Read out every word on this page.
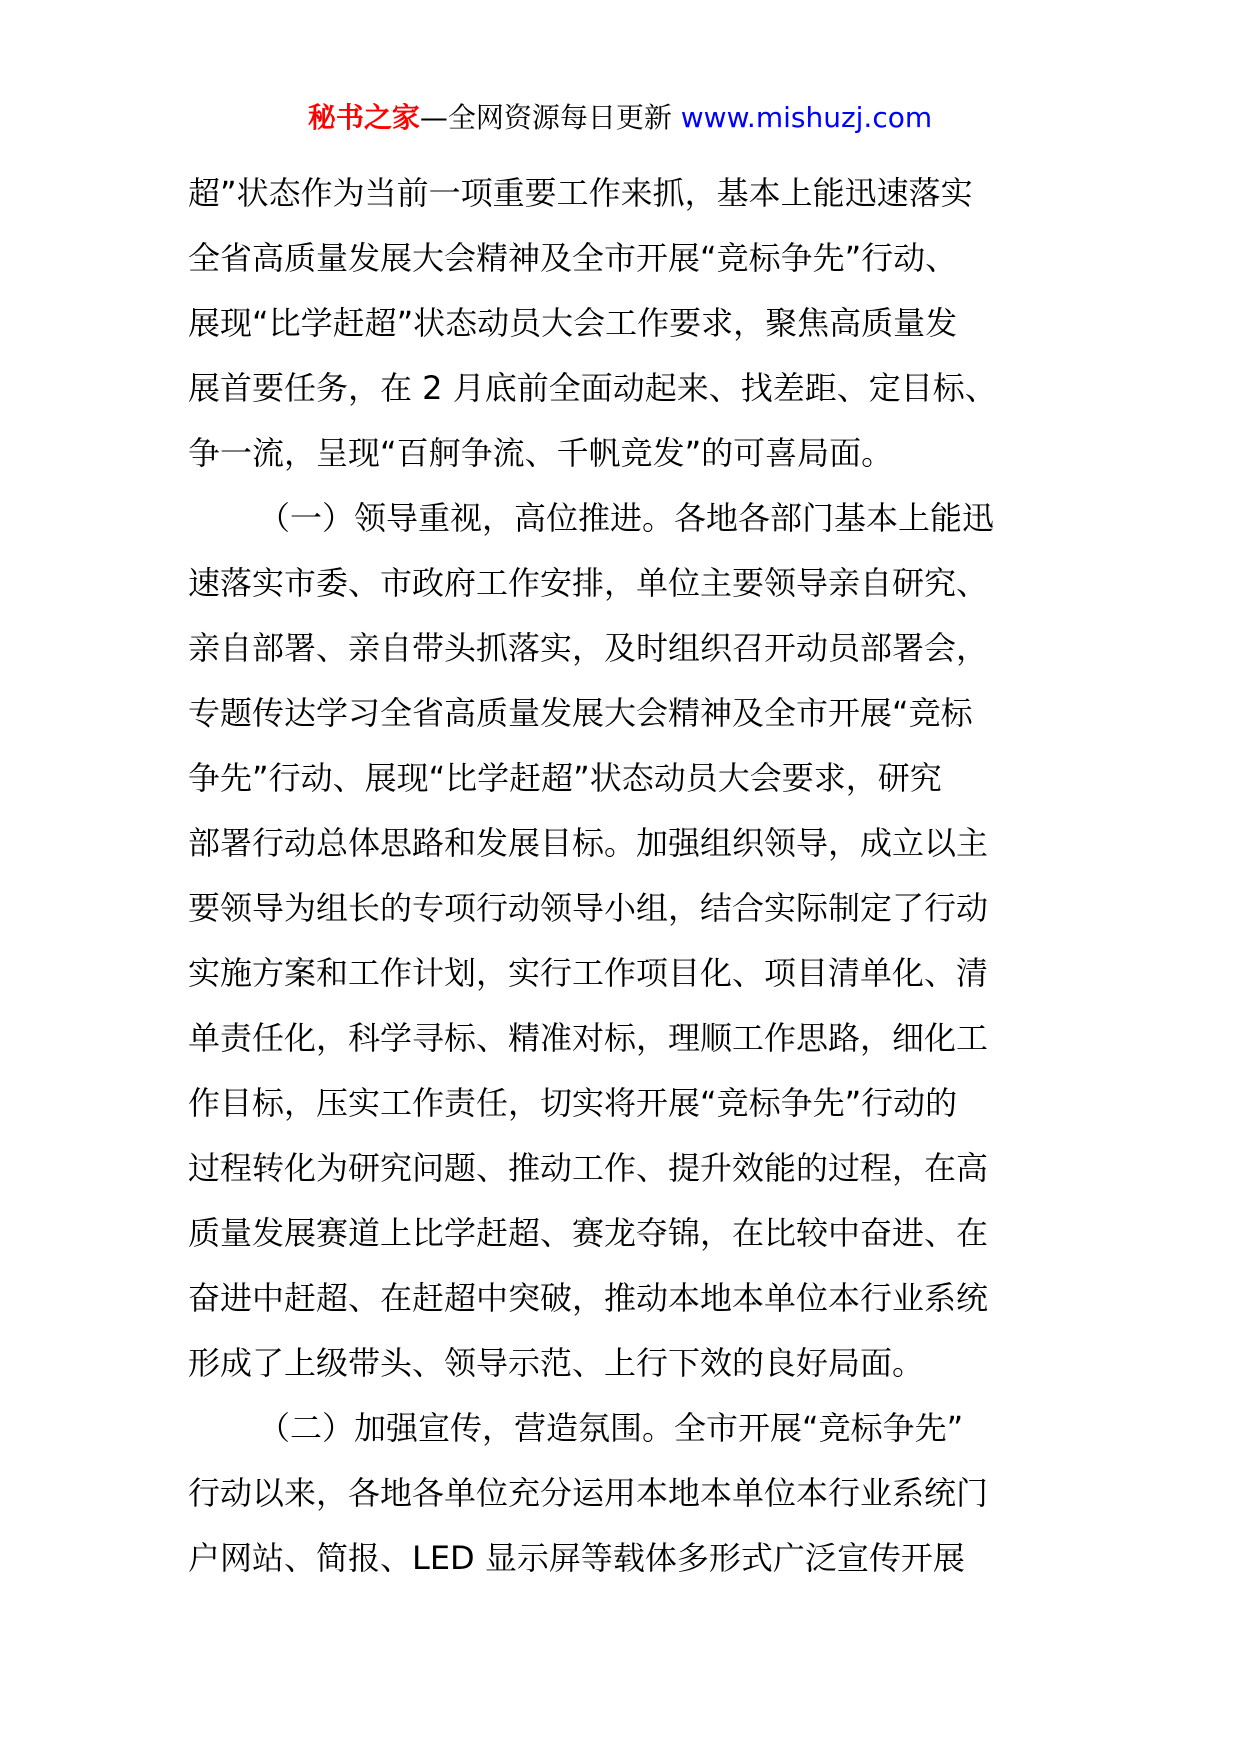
秘书之家—全网资源每日更新 www.mishuzj.com
超”状态作为当前一项重要工作来抓，基本上能迅速落实
全省高质量发展大会精神及全市开展“竞标争先”行动、
展现“比学赶超”状态动员大会工作要求，聚焦高质量发
展首要任务，在 2 月底前全面动起来、找差距、定目标、
争一流，呈现“百舸争流、千帆竞发”的可喜局面。
（一）领导重视，高位推进。各地各部门基本上能迅
速落实市委、市政府工作安排，单位主要领导亲自研究、
亲自部署、亲自带头抓落实，及时组织召开动员部署会，
专题传达学习全省高质量发展大会精神及全市开展“竞标
争先”行动、展现“比学赶超”状态动员大会要求，研究
部署行动总体思路和发展目标。加强组织领导，成立以主
要领导为组长的专项行动领导小组，结合实际制定了行动
实施方案和工作计划，实行工作项目化、项目清单化、清
单责任化，科学寻标、精准对标，理顺工作思路，细化工
作目标，压实工作责任，切实将开展“竞标争先”行动的
过程转化为研究问题、推动工作、提升效能的过程，在高
质量发展赛道上比学赶超、赛龙夺锦，在比较中奋进、在
奋进中赶超、在赶超中突破，推动本地本单位本行业系统
形成了上级带头、领导示范、上行下效的良好局面。
（二）加强宣传，营造氛围。全市开展“竞标争先”
行动以来，各地各单位充分运用本地本单位本行业系统门
户网站、简报、LED 显示屏等载体多形式广泛宣传开展
